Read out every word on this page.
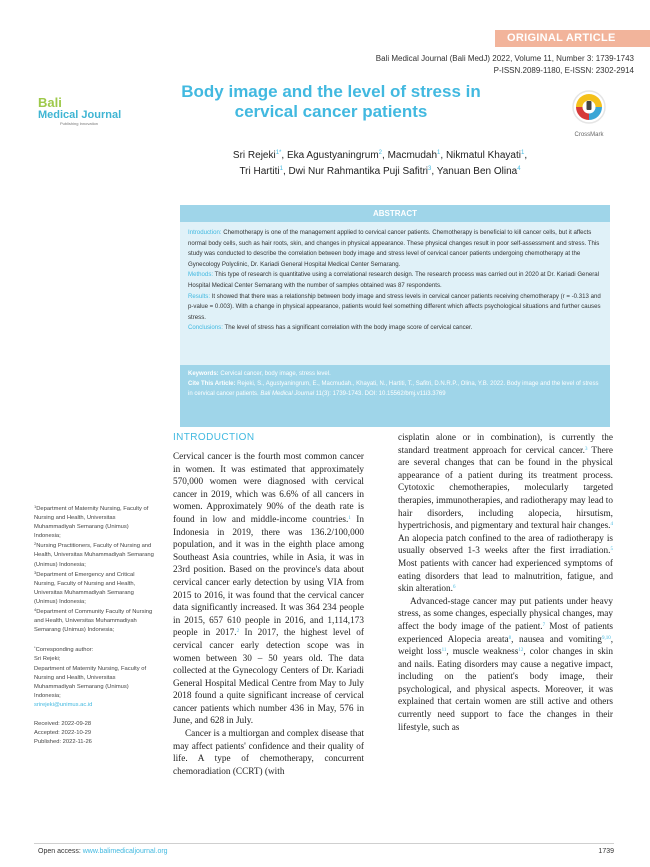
ORIGINAL ARTICLE
Bali Medical Journal (Bali MedJ) 2022, Volume 11, Number 3: 1739-1743
P-ISSN.2089-1180, E-ISSN: 2302-2914
Bali
Medical Journal
Publishing Innovation
Body image and the level of stress in cervical cancer patients
CrossMark
Sri Rejeki$^{1*}$, Eka Agustyaningrum$^2$, Macmudah$^1$, Nikmatul Khayati$^1$,
Tri Hartiti$^1$, Dwi Nur Rahmantika Puji Safitri$^3$, Yanuan Ben Olina$^4$
ABSTRACT
Introduction: Chemotherapy is one of the management applied to cervical cancer patients. Chemotherapy is beneficial to kill cancer cells, but it affects normal body cells, such as hair roots, skin, and changes in physical appearance. These physical changes result in poor self-assessment and stress. This study was conducted to describe the correlation between body image and stress level of cervical cancer patients undergoing chemotherapy at the Gynecology Polyclinic, Dr. Kariadi General Hospital Medical Center Semarang.
Methods: This type of research is quantitative using a correlational research design. The research process was carried out in 2020 at Dr. Kariadi General Hospital Medical Center Semarang with the number of samples obtained was 87 respondents.
Results: It showed that there was a relationship between body image and stress levels in cervical cancer patients receiving chemotherapy (r = -0.313 and p-value = 0.003). With a change in physical appearance, patients would feel something different which affects psychological situations and further causes stress.
Conclusions: The level of stress has a significant correlation with the body image score of cervical cancer.
Keywords: Cervical cancer, body image, stress level.
Cite This Article: Rejeki, S., Agustyaningrum, E., Macmudah., Khayati, N., Hartiti, T., Safitri, D.N.R.P., Olina, Y.B. 2022. Body image and the level of stress in cervical cancer patients. Bali Medical Journal 11(3): 1739-1743. DOI: 10.15562/bmj.v11i3.3769
$^1$Department of Maternity Nursing, Faculty of Nursing and Health, Universitas Muhammadiyah Semarang (Unimus) Indonesia;
$^2$Nursing Practitioners, Faculty of Nursing and Health, Universitas Muhammadiyah Semarang (Unimus) Indonesia;
$^3$Department of Emergency and Critical Nursing, Faculty of Nursing and Health, Universitas Muhammadiyah Semarang (Unimus) Indonesia;
$^4$Department of Community Faculty of Nursing and Health, Universitas Muhammadiyah Semarang (Unimus) Indonesia;
*Corresponding author:
Sri Rejeki;
Department of Maternity Nursing, Faculty of Nursing and Health, Universitas Muhammadiyah Semarang (Unimus) Indonesia;
srirejeki@unimus.ac.id
Received: 2022-09-28
Accepted: 2022-10-29
Published: 2022-11-26
INTRODUCTION

Cervical cancer is the fourth most common cancer in women. It was estimated that approximately 570,000 women were diagnosed with cervical cancer in 2019, which was 6.6% of all cancers in women. Approximately 90% of the death rate is found in low and middle-income countries.$^1$ In Indonesia in 2019, there was 136.2/100,000 population, and it was in the eighth place among Southeast Asia countries, while in Asia, it was in 23rd position. Based on the province's data about cervical cancer early detection by using VIA from 2015 to 2016, it was found that the cervical cancer data significantly increased. It was 364 234 people in 2015, 657 610 people in 2016, and 1,114,173 people in 2017.$^2$ In 2017, the highest level of cervical cancer early detection scope was in women between 30 – 50 years old. The data collected at the Gynecology Centers of Dr. Kariadi General Hospital Medical Centre from May to July 2018 found a quite significant increase of cervical cancer patients which number 436 in May, 576 in June, and 628 in July.

Cancer is a multiorgan and complex disease that may affect patients' confidence and their quality of life. A type of chemotherapy, concurrent chemoradiation (CCRT) (with

cisplatin alone or in combination), is currently the standard treatment approach for cervical cancer.$^3$ There are several changes that can be found in the physical appearance of a patient during its treatment process. Cytotoxic chemotherapies, molecularly targeted therapies, immunotherapies, and radiotherapy may lead to hair disorders, including alopecia, hirsutism, hypertrichosis, and pigmentary and textural hair changes.$^4$ An alopecia patch confined to the area of radiotherapy is usually observed 1-3 weeks after the first irradiation.$^5$ Most patients with cancer had experienced symptoms of eating disorders that lead to malnutrition, fatigue, and skin alteration.$^6$

Advanced-stage cancer may put patients under heavy stress, as some changes, especially physical changes, may affect the body image of the patient.$^7$ Most of patients experienced Alopecia areata$^8$, nausea and vomiting$^{9,10}$, weight loss$^{11}$, muscle weakness$^{12}$, color changes in skin and nails. Eating disorders may cause a negative impact, including on the patient's body image, their psychological, and physical aspects. Moreover, it was explained that certain women are still active and others currently need support to face the changes in their lifestyle, such as

Open access: www.balimedicaljournal.org	1739
